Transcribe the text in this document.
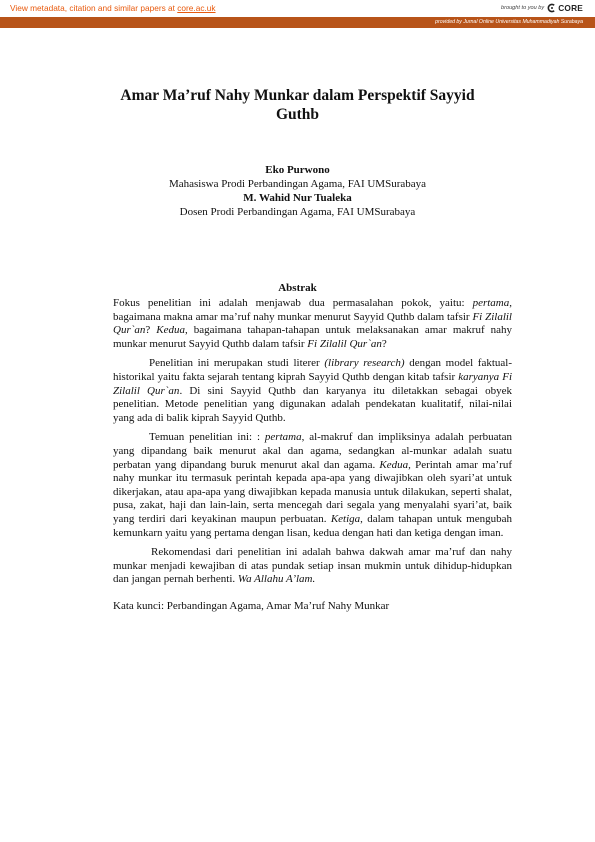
View metadata, citation and similar papers at core.ac.uk	brought to you by CORE
provided by Jurnal Online Universitas Muhammadiyah Surabaya
Amar Ma’ruf Nahy Munkar dalam Perspektif Sayyid
Guthb
Eko Purwono
Mahasiswa Prodi Perbandingan Agama, FAI UMSurabaya
M. Wahid Nur Tualeka
Dosen Prodi Perbandingan Agama, FAI UMSurabaya
Abstrak

Fokus penelitian ini adalah menjawab dua permasalahan pokok, yaitu: pertama, bagaimana makna amar ma’ruf nahy munkar menurut Sayyid Quthb dalam tafsir Fi Zilalil Qur`an? Kedua, bagaimana tahapan-tahapan untuk melaksanakan amar makruf nahy munkar menurut Sayyid Quthb dalam tafsir Fi Zilalil Qur`an?

Penelitian ini merupakan studi literer (library research) dengan model faktual-historikal yaitu fakta sejarah tentang kiprah Sayyid Quthb dengan kitab tafsir karyanya Fi Zilalil Qur`an. Di sini Sayyid Quthb dan karyanya itu diletakkan sebagai obyek penelitian. Metode penelitian yang digunakan adalah pendekatan kualitatif, nilai-nilai yang ada di balik kiprah Sayyid Quthb.

Temuan penelitian ini: : pertama, al-makruf dan impliksinya adalah perbuatan yang dipandang baik menurut akal dan agama, sedangkan al-munkar adalah suatu perbatan yang dipandang buruk menurut akal dan agama. Kedua, Perintah amar ma’ruf nahy munkar itu termasuk perintah kepada apa-apa yang diwajibkan oleh syari’at untuk dikerjakan, atau apa-apa yang diwajibkan kepada manusia untuk dilakukan, seperti shalat, pusa, zakat, haji dan lain-lain, serta mencegah dari segala yang menyalahi syari’at, baik yang terdiri dari keyakinan maupun perbuatan. Ketiga, dalam tahapan untuk mengubah kemunkarn yaitu yang pertama dengan lisan, kedua dengan hati dan ketiga dengan iman.

Rekomendasi dari penelitian ini adalah bahwa dakwah amar ma’ruf dan nahy munkar menjadi kewajiban di atas pundak setiap insan mukmin untuk dihidup-hidupkan dan jangan pernah berhenti. Wa Allahu A’lam.

Kata kunci: Perbandingan Agama, Amar Ma’ruf Nahy Munkar
